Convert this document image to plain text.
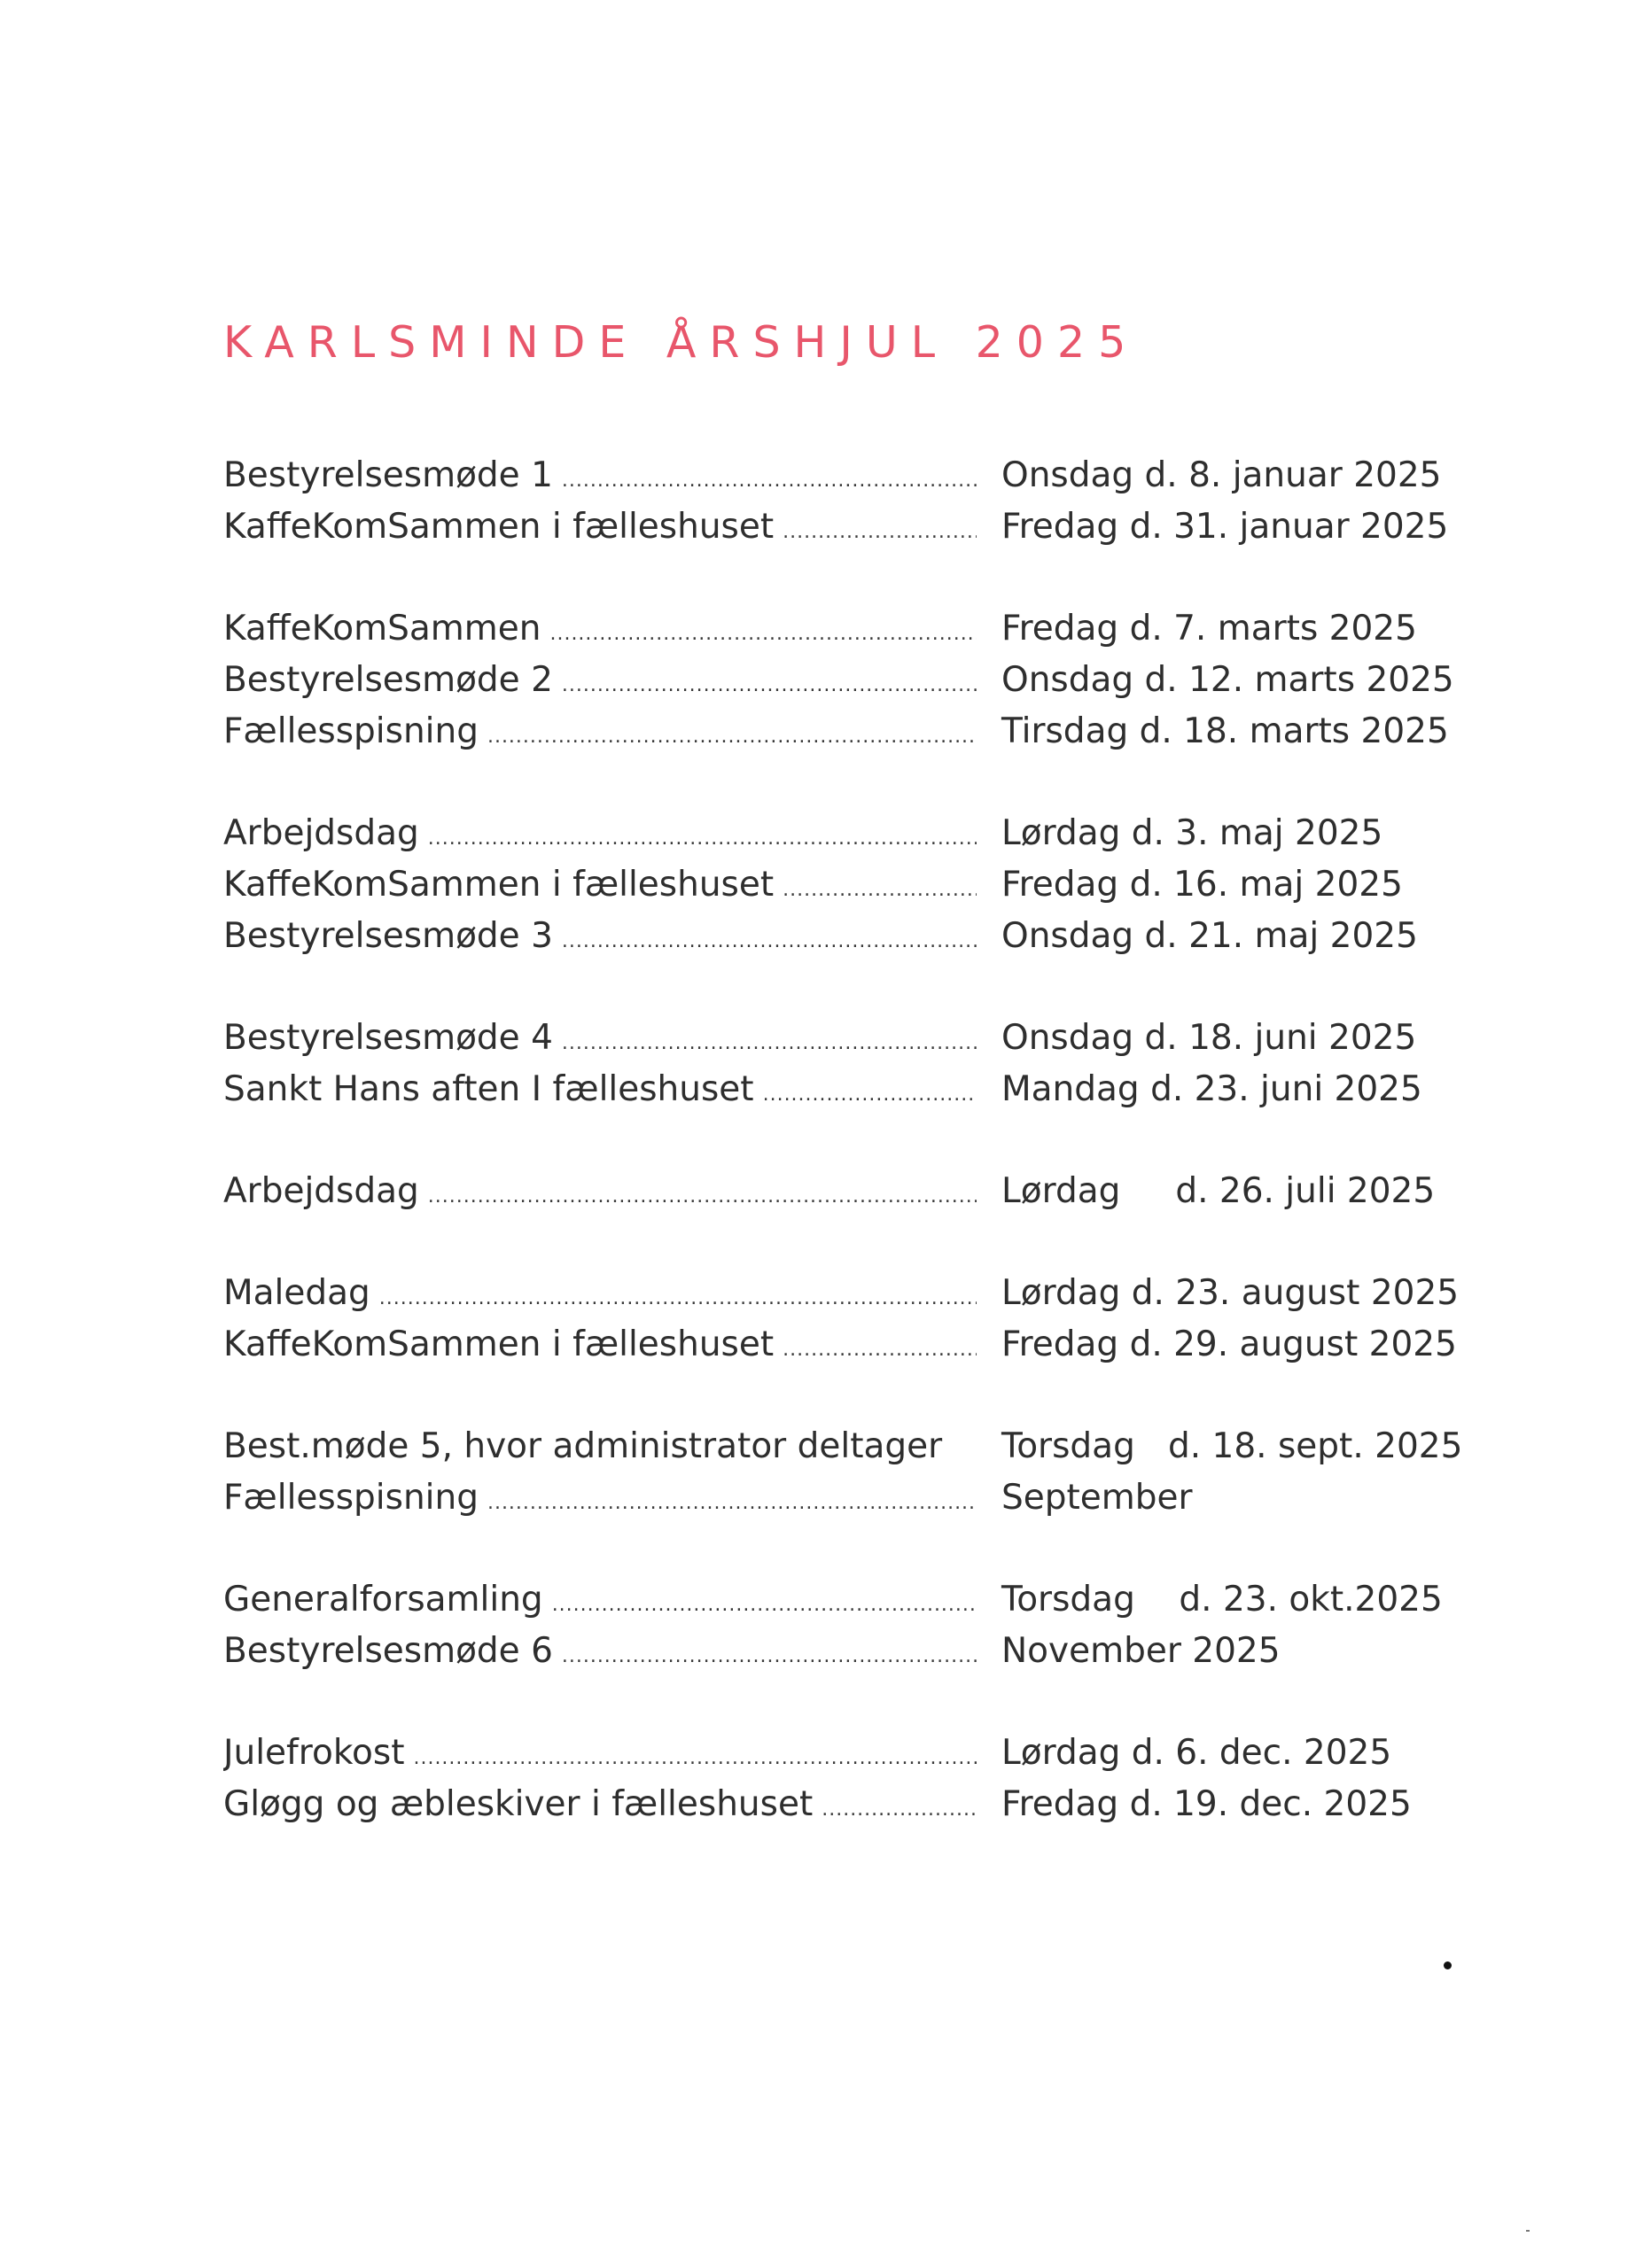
KARLSMINDE ÅRSHJUL 2025
Bestyrelsesmøde 1 . . .	Onsdag d. 8. januar 2025
KaffeKomSammen i fælleshuset . . .	Fredag d. 31. januar 2025
KaffeKomSammen . . .	Fredag d. 7. marts 2025
Bestyrelsesmøde 2 . . .	Onsdag d. 12. marts 2025
Fællesspisning . . .	Tirsdag d. 18. marts 2025
Arbejdsdag . . .	Lørdag d. 3. maj 2025
KaffeKomSammen i fælleshuset . . .	Fredag d. 16. maj 2025
Bestyrelsesmøde 3 . . .	Onsdag d. 21. maj 2025
Bestyrelsesmøde 4 . . .	Onsdag d. 18. juni 2025
Sankt Hans aften I fælleshuset . . .	Mandag d. 23. juni 2025
Arbejdsdag . . .	Lørdag     d. 26. juli 2025
Maledag . . .	Lørdag d. 23. august 2025
KaffeKomSammen i fælleshuset . . .	Fredag d. 29. august 2025
Best.møde 5, hvor administrator deltager Torsdag   d. 18. sept. 2025
Fællesspisning . . .	September
Generalforsamling . . .	Torsdag    d. 23. okt.2025
Bestyrelsesmøde 6 . . .	November 2025
Julefrokost . . .	Lørdag d. 6. dec. 2025
Gløgg og æbleskiver i fælleshuset . . .	Fredag d. 19. dec. 2025
